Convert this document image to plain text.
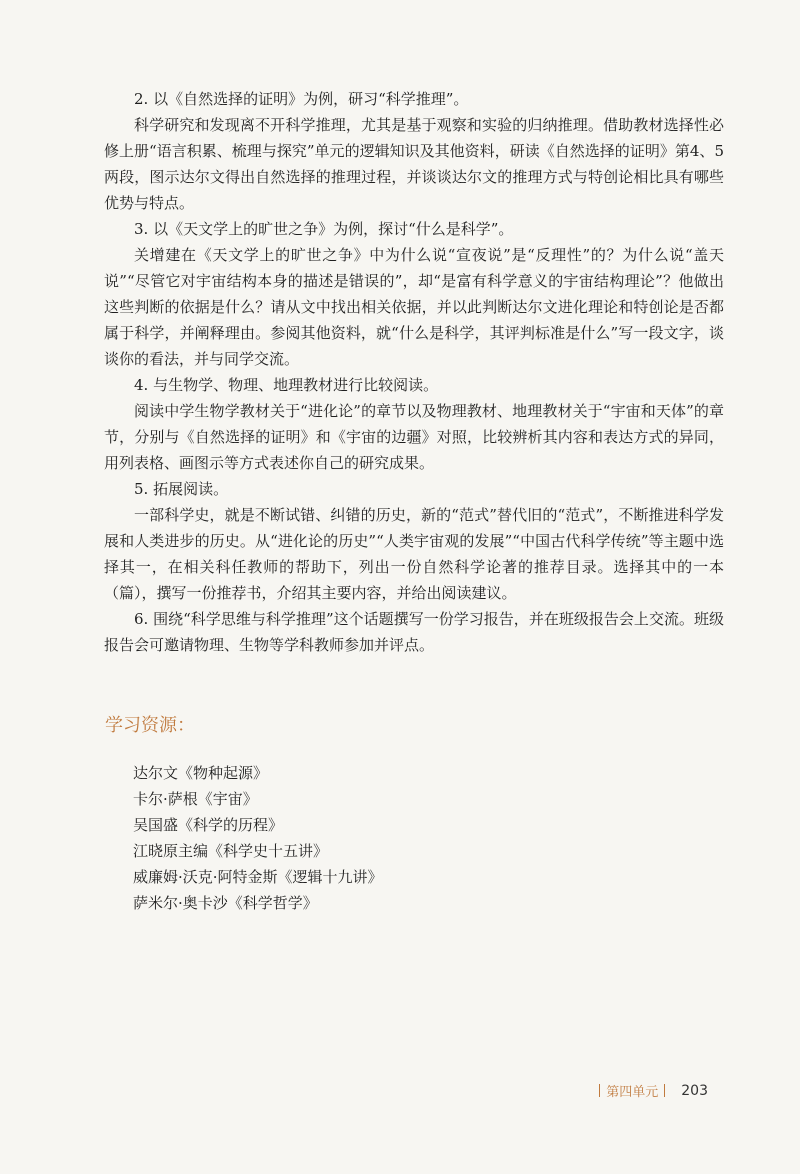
2. 以《自然选择的证明》为例，研习“科学推理”。

科学研究和发现离不开科学推理，尤其是基于观察和实验的归纳推理。借助教材选择性必修上册“语言积累、梳理与探究”单元的逻辑知识及其他资料，研读《自然选择的证明》第4、5两段，图示达尔文得出自然选择的推理过程，并谈谈达尔文的推理方式与特创论相比具有哪些优势与特点。

3. 以《天文学上的旷世之争》为例，探讨“什么是科学”。

关增建在《天文学上的旷世之争》中为什么说“宣夜说”是“反理性”的？为什么说“盖天说”“尽管它对宇宙结构本身的描述是错误的”，却“是富有科学意义的宇宙结构理论”？他做出这些判断的依据是什么？请从文中找出相关依据，并以此判断达尔文进化理论和特创论是否都属于科学，并阐释理由。参阅其他资料，就“什么是科学，其评判标准是什么”写一段文字，谈谈你的看法，并与同学交流。

4. 与生物学、物理、地理教材进行比较阅读。

阅读中学生物学教材关于“进化论”的章节以及物理教材、地理教材关于“宇宙和天体”的章节，分别与《自然选择的证明》和《宇宙的边疆》对照，比较辨析其内容和表达方式的异同，用列表格、画图示等方式表述你自己的研究成果。

5. 拓展阅读。

一部科学史，就是不断试错、纠错的历史，新的“范式”替代旧的“范式”，不断推进科学发展和人类进步的历史。从“进化论的历史”“人类宇宙观的发展”“中国古代科学传统”等主题中选择其一，在相关科任教师的帮助下，列出一份自然科学论著的推荐目录。选择其中的一本（篇），撰写一份推荐书，介绍其主要内容，并给出阅读建议。

6. 围绕“科学思维与科学推理”这个话题撰写一份学习报告，并在班级报告会上交流。班级报告会可邀请物理、生物等学科教师参加并评点。

学习资源：
达尔文《物种起源》
卡尔·萨根《宇宙》
吴国盛《科学的历程》
江晓原主编《科学史十五讲》
威廉姆·沃克·阿特金斯《逻辑十九讲》
萨米尔·奥卡沙《科学哲学》
第四单元 203
